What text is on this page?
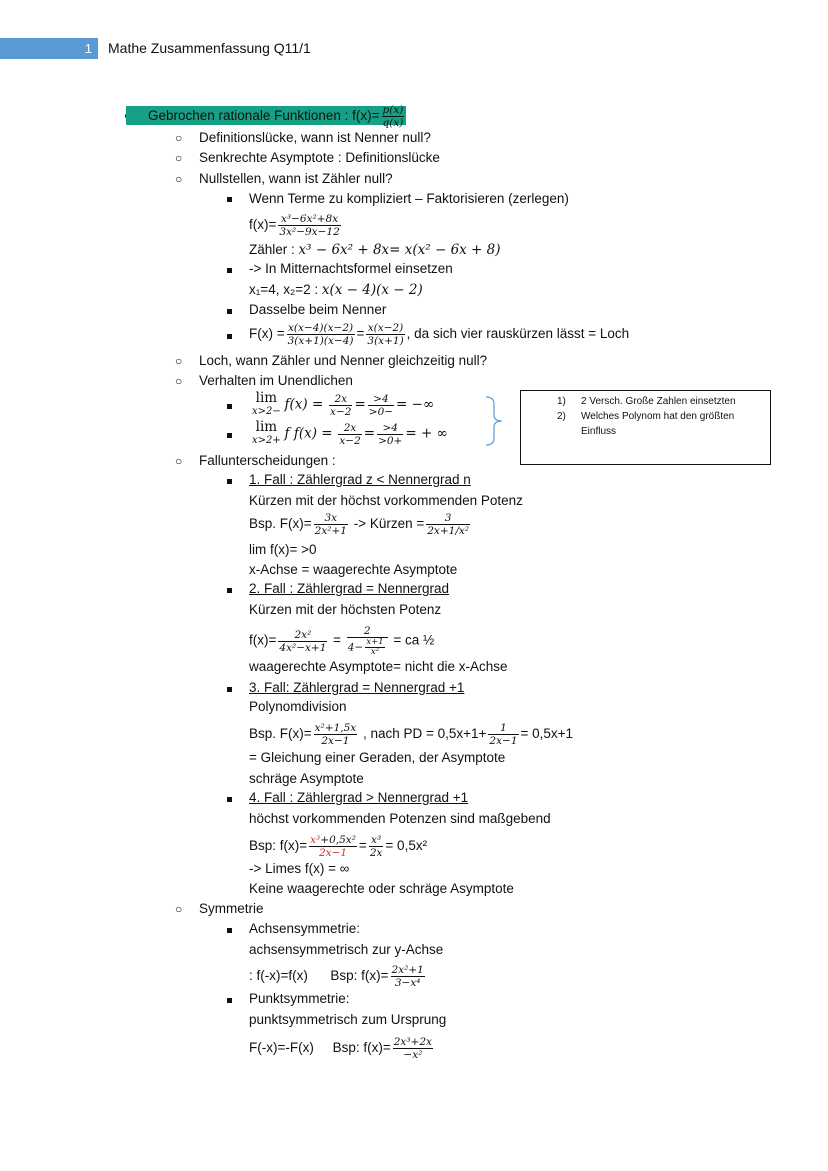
1	Mathe Zusammenfassung Q11/1
Gebrochen rationale Funktionen : $f(x)= \frac{p(x)}{q(x)}$
○ Definitionslücke, wann ist Nenner null?
○ Senkrechte Asymptote : Definitionslücke
○ Nullstellen, wann ist Zähler null?
Wenn Terme zu kompliziert – Faktorisieren (zerlegen)
$f(x)= \frac{\text{x³−6x²+8x}}{\text{3x²−9x−12}}$
Zähler : x³ − 6x² + 8x= x(x² − 6x + 8)
-> In Mitternachtsformel einsetzen
x₁=4, x₂=2 : x(x − 4)(x − 2)
Dasselbe beim Nenner
$F(x) = \frac{x(x-4)(x-2)}{3(x+1)(x-4)} = \frac{x(x-2)}{3(x+1)}$ , da sich vier rauskürzen lässt = Loch
○ Loch, wann Zähler und Nenner gleichzeitig null?
○ Verhalten im Unendlichen
lim
$x>2- f(x) = \frac{2x}{x-2} = \frac{>4}{>0-}$ = −∞
lim
x>2+ f $f(x) = \frac{2x}{x-2} = \frac{>4}{>0+}$ = + ∞
1) 2 Versch. Große Zahlen einsetzten
2) Welches Polynom hat den größten
Einfluss
○ Fallunterscheidungen :
1. Fall : Zählergrad z < Nennergrad n
Kürzen mit der höchst vorkommenden Potenz
Bsp. $F(x)= \frac{3x}{\text{2x²+1}}$ -> Kürzen = $\frac{3}{\text{2x+1/x²}}$
lim f(x)= >0
x-Achse = waagerechte Asymptote
2. Fall : Zählergrad = Nennergrad
Kürzen mit der höchsten Potenz
$f(x)= \frac{\text{2x²}}{\text{4x²−x+1}} = \frac{2}{4- \frac{x+1}{\text{x²}}}$ = ca ½
waagerechte Asymptote= nicht die x-Achse
3. Fall: Zählergrad = Nennergrad +1
Polynomdivision
Bsp. $F(x)= \frac{\text{x²+1,5x}}{2x-1}$ , nach PD = $0,5x+1+ \frac{1}{2x-1} = 0,5x+1$
= Gleichung einer Geraden, der Asymptote
schräge Asymptote
4. Fall : Zählergrad > Nennergrad +1
höchst vorkommenden Potenzen sind maßgebend
Bsp: $f(x)= \frac{\text{x³+0,5x²}}{2x-1} = \frac{\text{x³}}{2x} = 0,5x^2$
-> Limes f(x) = ∞
Keine waagerechte oder schräge Asymptote
○ Symmetrie
Achsensymmetrie:
achsensymmetrisch zur y-Achse
: f(-x)=f(x)      Bsp: $f(x)= \frac{\text{2x²+1}}{\text{3−x⁴}}$
Punktsymmetrie:
punktsymmetrisch zum Ursprung
F(-x)=-F(x)     Bsp: $f(x)= \frac{\text{2x³+2x}}{\text{−x²}}$
